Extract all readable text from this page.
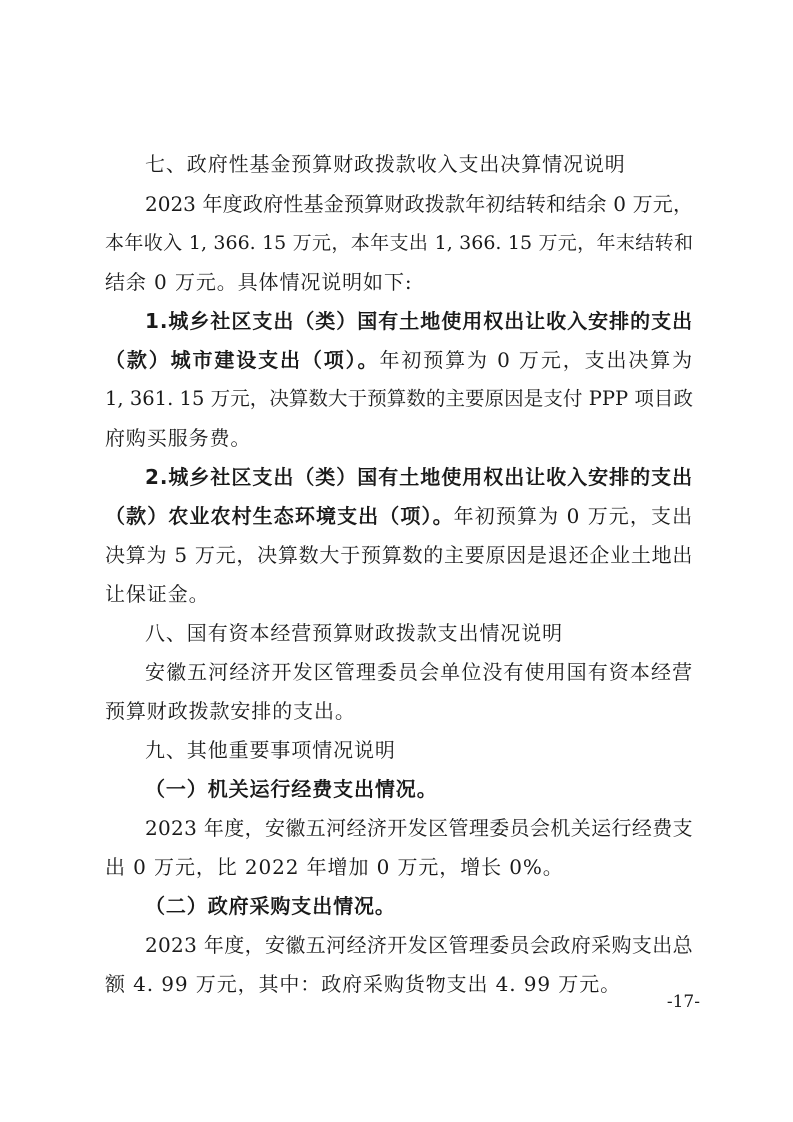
七、政府性基金预算财政拨款收入支出决算情况说明
2023 年度政府性基金预算财政拨款年初结转和结余 0 万元，
本年收入 1, 366. 15 万元，本年支出 1, 366. 15 万元，年末结转和
结余 0 万元。具体情况说明如下:
1.城乡社区支出（类）国有土地使用权出让收入安排的支出
（款）城市建设支出（项）。年初预算为 0 万元，支出决算为
1, 361. 15 万元，决算数大于预算数的主要原因是支付 PPP 项目政
府购买服务费。
2.城乡社区支出（类）国有土地使用权出让收入安排的支出
（款）农业农村生态环境支出（项）。年初预算为 0 万元，支出
决算为 5 万元，决算数大于预算数的主要原因是退还企业土地出
让保证金。
八、国有资本经营预算财政拨款支出情况说明
安徽五河经济开发区管理委员会单位没有使用国有资本经营
预算财政拨款安排的支出。
九、其他重要事项情况说明
（一）机关运行经费支出情况。
2023 年度，安徽五河经济开发区管理委员会机关运行经费支
出 0 万元，比 2022 年增加 0 万元，增长 0%。
（二）政府采购支出情况。
2023 年度，安徽五河经济开发区管理委员会政府采购支出总
额 4. 99 万元，其中：政府采购货物支出 4. 99 万元。
-17-
